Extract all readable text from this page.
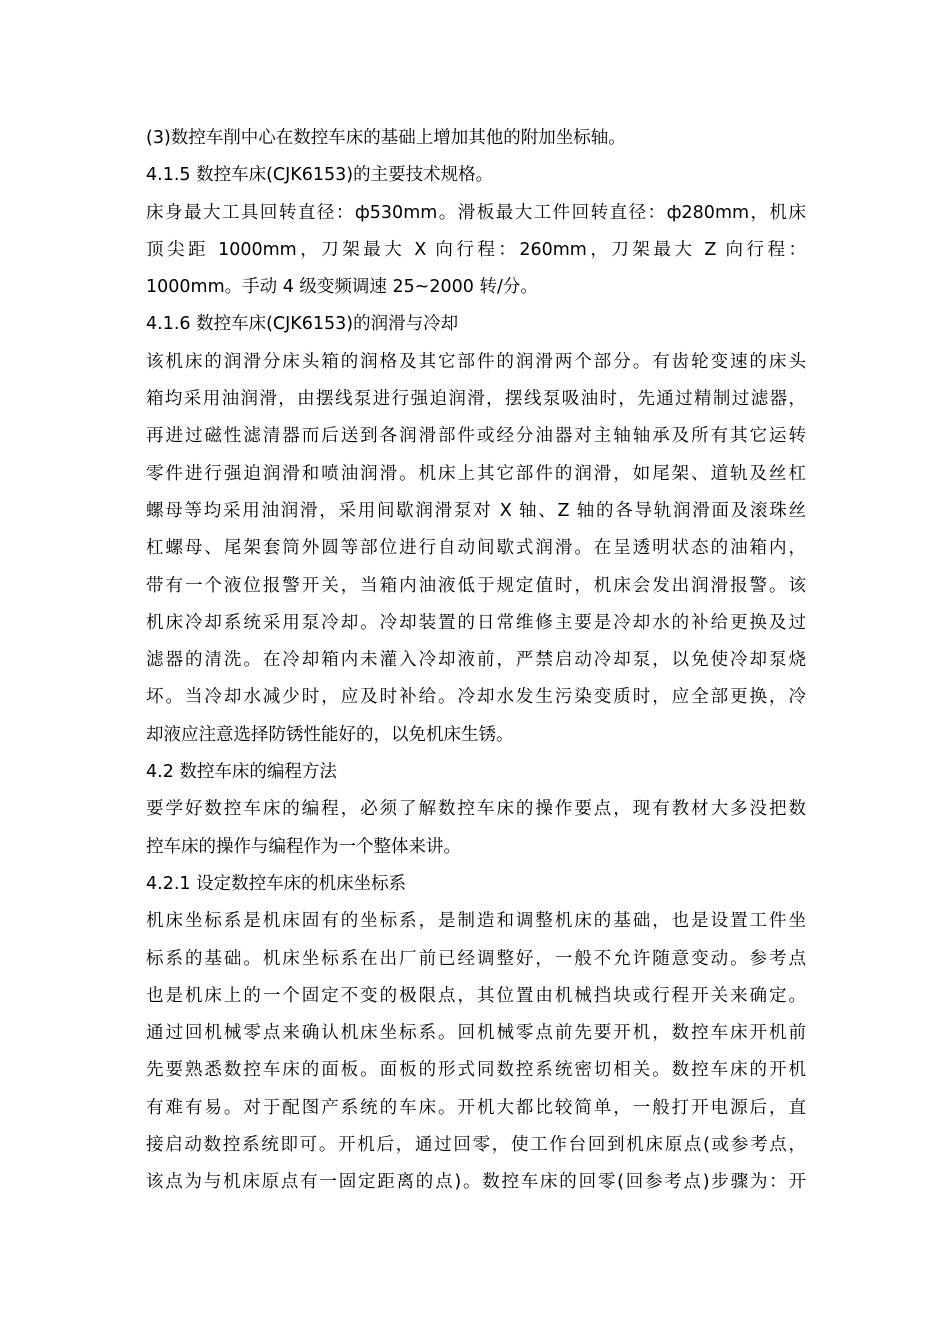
(3)数控车削中心在数控车床的基础上增加其他的附加坐标轴。
4.1.5 数控车床(CJK6153)的主要技术规格。
床身最大工具回转直径：ф530mm。滑板最大工件回转直径：ф280mm，机床
顶尖距 1000mm，刀架最大 X 向行程：260mm，刀架最大 Z 向行程：
1000mm。手动 4 级变频调速 25~2000 转/分。
4.1.6 数控车床(CJK6153)的润滑与冷却
该机床的润滑分床头箱的润格及其它部件的润滑两个部分。有齿轮变速的床头
箱均采用油润滑，由摆线泵进行强迫润滑，摆线泵吸油时，先通过精制过滤器，
再进过磁性滤清器而后送到各润滑部件或经分油器对主轴轴承及所有其它运转
零件进行强迫润滑和喷油润滑。机床上其它部件的润滑，如尾架、道轨及丝杠
螺母等均采用油润滑，采用间歇润滑泵对 X 轴、Z 轴的各导轨润滑面及滚珠丝
杠螺母、尾架套筒外圆等部位进行自动间歇式润滑。在呈透明状态的油箱内，
带有一个液位报警开关，当箱内油液低于规定值时，机床会发出润滑报警。该
机床冷却系统采用泵冷却。冷却装置的日常维修主要是冷却水的补给更换及过
滤器的清洗。在冷却箱内未灌入冷却液前，严禁启动冷却泵，以免使冷却泵烧
坏。当冷却水减少时，应及时补给。冷却水发生污染变质时，应全部更换，冷
却液应注意选择防锈性能好的，以免机床生锈。
4.2 数控车床的编程方法
要学好数控车床的编程，必须了解数控车床的操作要点，现有教材大多没把数
控车床的操作与编程作为一个整体来讲。
4.2.1 设定数控车床的机床坐标系
机床坐标系是机床固有的坐标系，是制造和调整机床的基础，也是设置工件坐
标系的基础。机床坐标系在出厂前已经调整好，一般不允许随意变动。参考点
也是机床上的一个固定不变的极限点，其位置由机械挡块或行程开关来确定。
通过回机械零点来确认机床坐标系。回机械零点前先要开机，数控车床开机前
先要熟悉数控车床的面板。面板的形式同数控系统密切相关。数控车床的开机
有难有易。对于配图产系统的车床。开机大都比较简单，一般打开电源后，直
接启动数控系统即可。开机后，通过回零，使工作台回到机床原点(或参考点，
该点为与机床原点有一固定距离的点)。数控车床的回零(回参考点)步骤为：开
